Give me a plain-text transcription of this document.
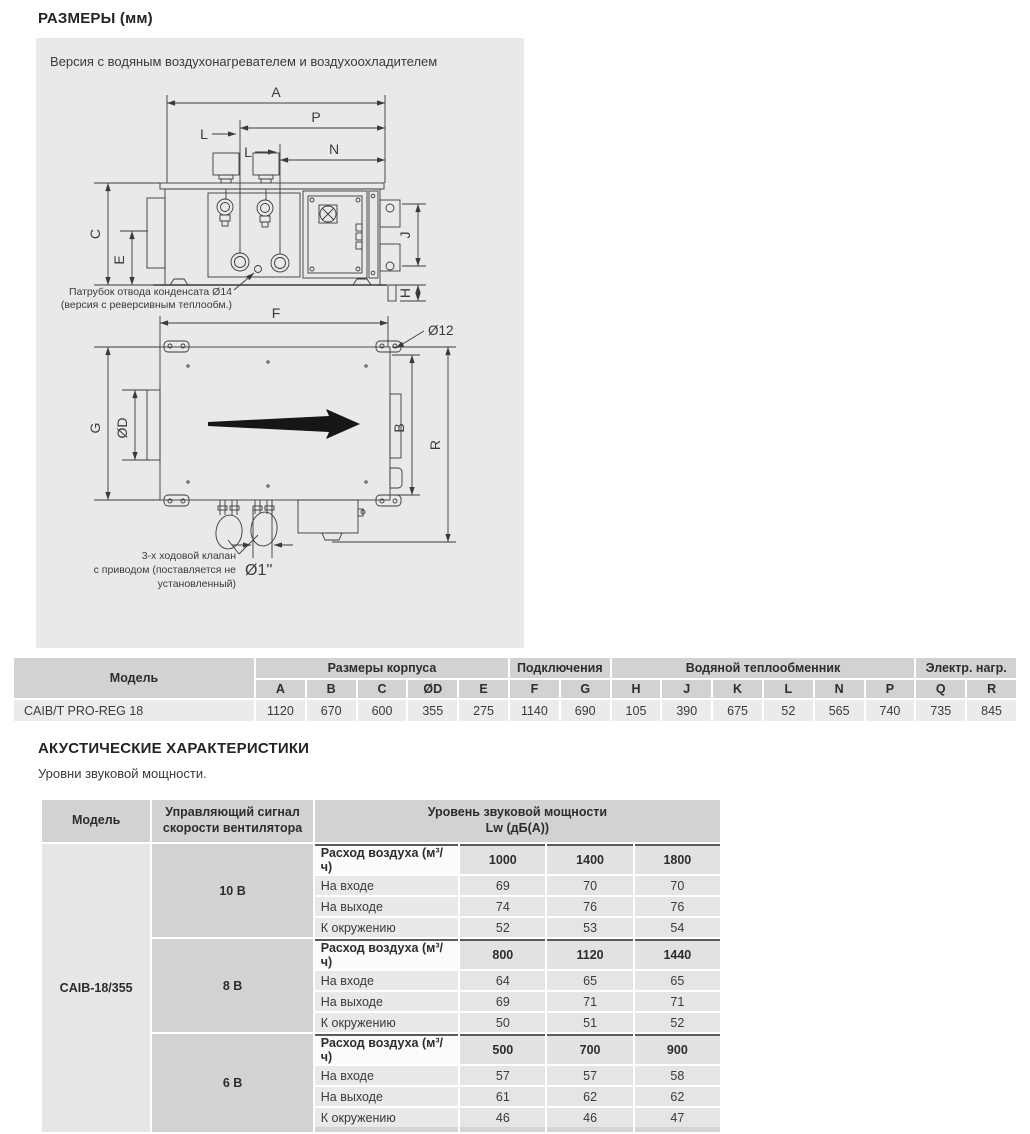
РАЗМЕРЫ (мм)
Версия с водяным воздухонагревателем и воздухоохладителем
A
P
L
L	N
C
E
J
H
Патрубок отвода конденсата Ø14
(версия с реверсивным теплообм.)	F
G ØD	B
R
Ø12
Ø1''
3-х ходовой клапан
с приводом (поставляется не
установленный)
Модель	Размеры корпуса					Подключения		Водяной теплообменник						Электр. нагр.	
	A	B	C	ØD	E	F	G	H	J	K	L	N	P	Q	R
CAIB/T PRO-REG 18	1120	670	600	355	275	1140	690	105	390	675	52	565	740	735	845
АКУСТИЧЕСКИЕ ХАРАКТЕРИСТИКИ
Уровни звуковой мощности.
Модель	Управляющий сигнал
скорости вентилятора	Уровень звуковой мощности
Lw (дБ(А))			

CAIB-18/355	10 В	Расход воздуха (м³/ч)	1000	1400	1800
		На входе	69	70	70
		На выходе	74	76	76
		К окружению	52	53	54
	8 В	Расход воздуха (м³/ч)	800	1120	1440
		На входе	64	65	65
		На выходе	69	71	71
		К окружению	50	51	52
	6 В	Расход воздуха (м³/ч)	500	700	900
		На входе	57	57	58
		На выходе	61	62	62
		К окружению	46	46	47
